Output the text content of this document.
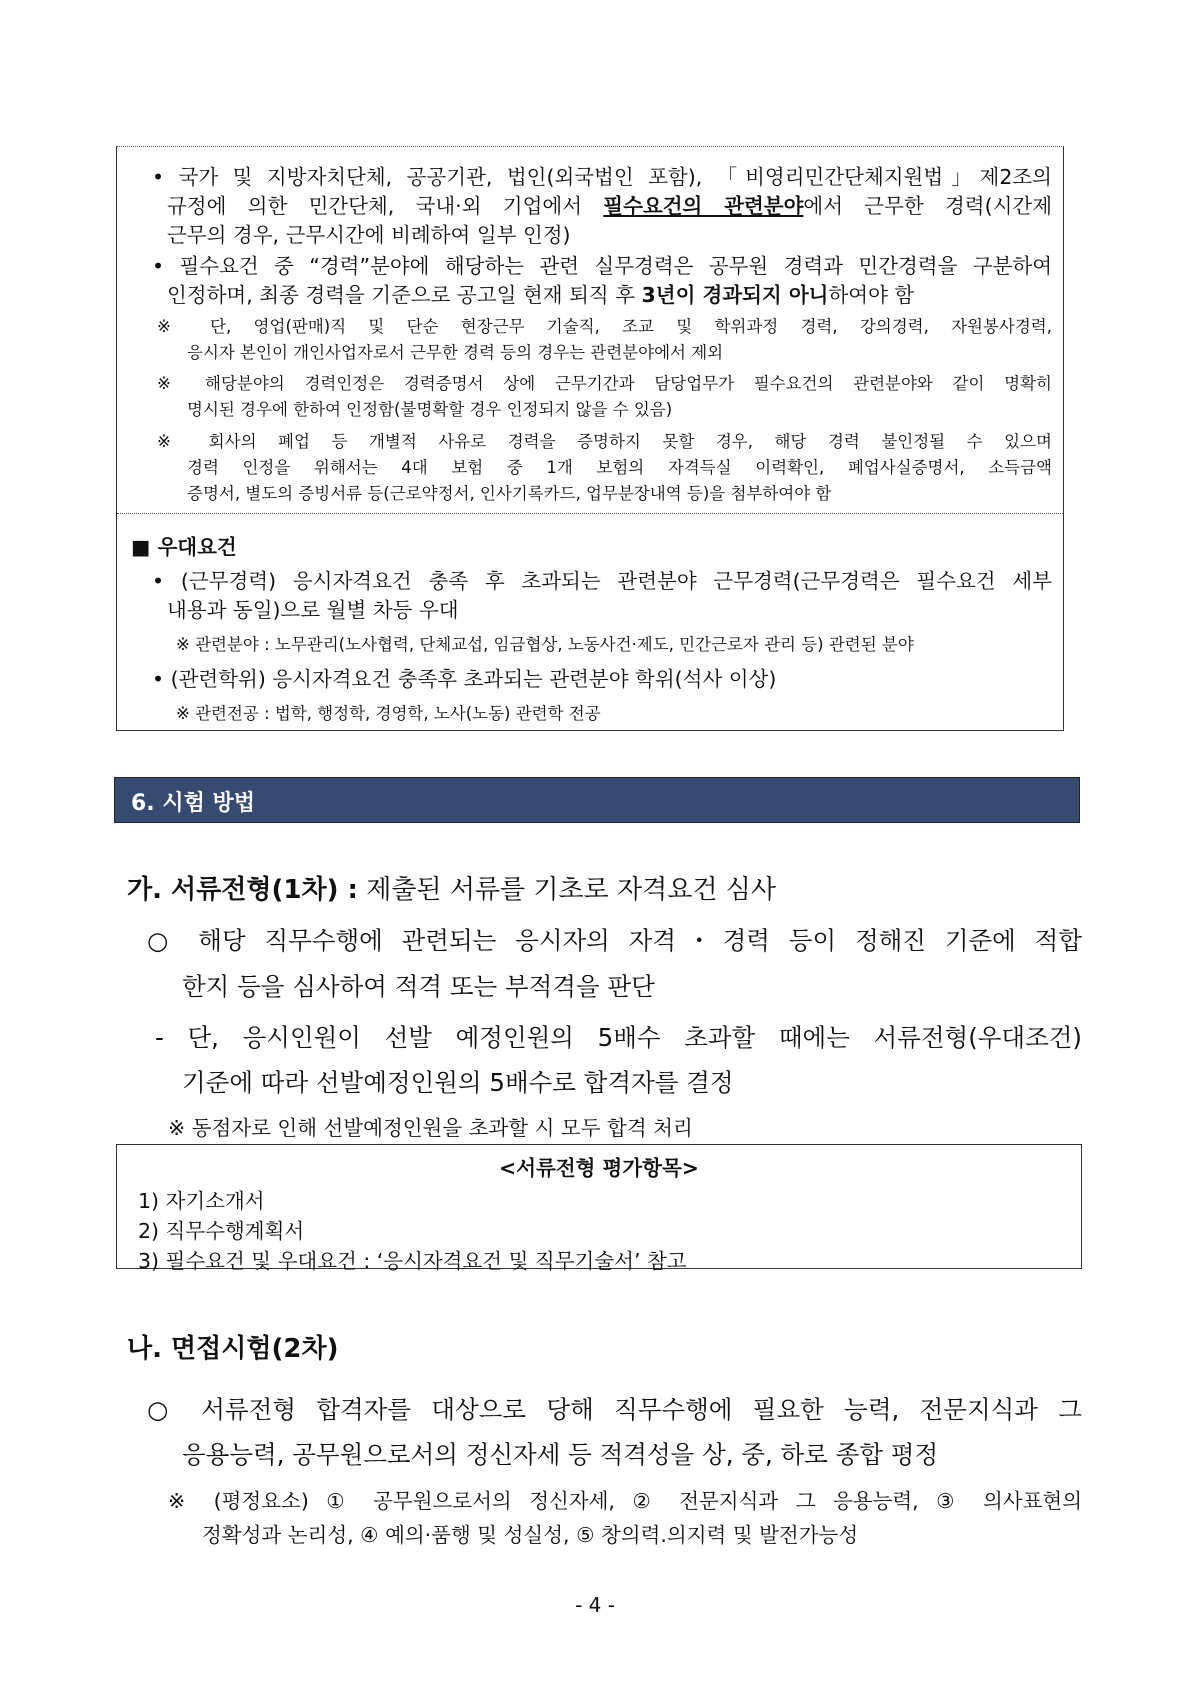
• 국가 및 지방자치단체, 공공기관, 법인(외국법인 포함), 「비영리민간단체지원법」제2조의
규정에 의한 민간단체, 국내·외 기업에서 필수요건의 관련분야에서 근무한 경력(시간제
근무의 경우, 근무시간에 비례하여 일부 인정)
• 필수요건 중 “경력”분야에 해당하는 관련 실무경력은 공무원 경력과 민간경력을 구분하여
인정하며, 최종 경력을 기준으로 공고일 현재 퇴직 후 3년이 경과되지 아니하여야 함
※ 단, 영업(판매)직 및 단순 현장근무 기술직, 조교 및 학위과정 경력, 강의경력, 자원봉사경력,
응시자 본인이 개인사업자로서 근무한 경력 등의 경우는 관련분야에서 제외
※ 해당분야의 경력인정은 경력증명서 상에 근무기간과 담당업무가 필수요건의 관련분야와 같이 명확히
명시된 경우에 한하여 인정함(불명확할 경우 인정되지 않을 수 있음)
※ 회사의 폐업 등 개별적 사유로 경력을 증명하지 못할 경우, 해당 경력 불인정될 수 있으며
경력 인정을 위해서는 4대 보험 중 1개 보험의 자격득실 이력확인, 폐업사실증명서, 소득금액
증명서, 별도의 증빙서류 등(근로약정서, 인사기록카드, 업무분장내역 등)을 첨부하여야 함
■ 우대요건
• (근무경력) 응시자격요건 충족 후 초과되는 관련분야 근무경력(근무경력은 필수요건 세부
내용과 동일)으로 월별 차등 우대
※ 관련분야 : 노무관리(노사협력, 단체교섭, 임금협상, 노동사건·제도, 민간근로자 관리 등) 관련된 분야
• (관련학위) 응시자격요건 충족후 초과되는 관련분야 학위(석사 이상)
※ 관련전공 : 법학, 행정학, 경영학, 노사(노동) 관련학 전공
6. 시험 방법
가. 서류전형(1차) : 제출된 서류를 기초로 자격요건 심사
○ 해당 직무수행에 관련되는 응시자의 자격・경력 등이 정해진 기준에 적합
한지 등을 심사하여 적격 또는 부적격을 판단
- 단, 응시인원이 선발 예정인원의 5배수 초과할 때에는 서류전형(우대조건)
기준에 따라 선발예정인원의 5배수로 합격자를 결정
※ 동점자로 인해 선발예정인원을 초과할 시 모두 합격 처리
<서류전형 평가항목>
1) 자기소개서
2) 직무수행계획서
3) 필수요건 및 우대요건 : ‘응시자격요건 및 직무기술서’ 참고
나. 면접시험(2차)
○ 서류전형 합격자를 대상으로 당해 직무수행에 필요한 능력, 전문지식과 그
응용능력, 공무원으로서의 정신자세 등 적격성을 상, 중, 하로 종합 평정
※ (평정요소) ① 공무원으로서의 정신자세, ② 전문지식과 그 응용능력, ③ 의사표현의
정확성과 논리성, ④ 예의·품행 및 성실성, ⑤ 창의력.의지력 및 발전가능성
- 4 -
